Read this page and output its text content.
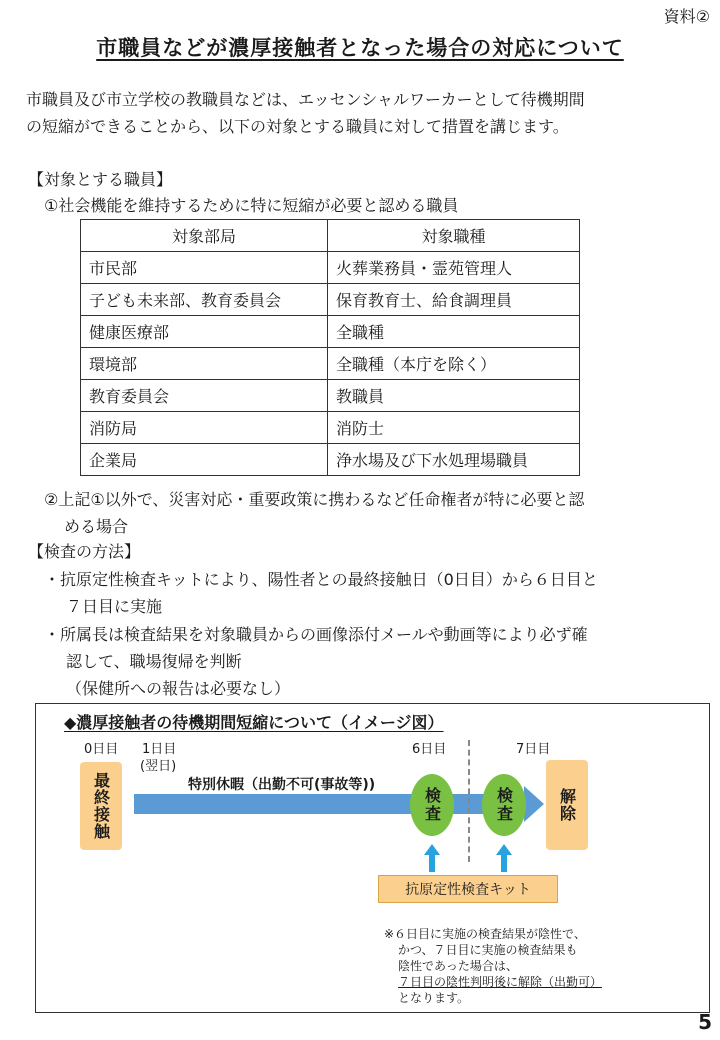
資料②
市職員などが濃厚接触者となった場合の対応について
市職員及び市立学校の教職員などは、エッセンシャルワーカーとして待機期間
の短縮ができることから、以下の対象とする職員に対して措置を講じます。
【対象とする職員】
①社会機能を維持するために特に短縮が必要と認める職員
対象部局	対象職種
市民部	火葬業務員・霊苑管理人
子ども未来部、教育委員会	保育教育士、給食調理員
健康医療部	全職種
環境部	全職種（本庁を除く）
教育委員会	教職員
消防局	消防士
企業局	浄水場及び下水処理場職員
②上記①以外で、災害対応・重要政策に携わるなど任命権者が特に必要と認
める場合
【検査の方法】
・抗原定性検査キットにより、陽性者との最終接触日（0日目）から６日目と
７日目に実施
・所属長は検査結果を対象職員からの画像添付メールや動画等により必ず確
認して、職場復帰を判断
（保健所への報告は必要なし）
◆濃厚接触者の待機期間短縮について（イメージ図）
0日目 1日目
(翌日)
6日目	7日目
最終接触	特別休暇（出勤不可(事故等))
検査	検査	解除
抗原定性検査キット
※６日目に実施の検査結果が陰性で、
かつ、７日目に実施の検査結果も
陰性であった場合は、
７日目の陰性判明後に解除（出勤可）
となります。
5
